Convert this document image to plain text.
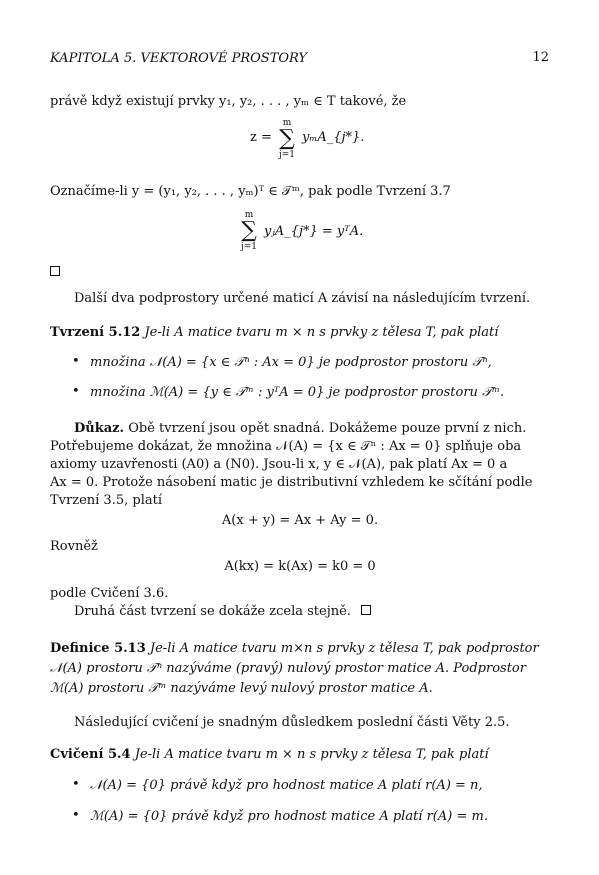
KAPITOLA 5. VEKTOROVÉ PROSTORY	12
právě když existují prvky y₁, y₂, . . . , yₘ ∈ T takové, že
z =
m
∑
j=1
yₘA_{j*}.
Označíme-li y = (y₁, y₂, . . . , yₘ)ᵀ ∈ 𝒯ᵐ, pak podle Tvrzení 3.7
m
∑
j=1
yⱼA_{j*} = yᵀA.
Další dva podprostory určené maticí A závisí na následujícím tvrzení.
Tvrzení 5.12 Je-li A matice tvaru m × n s prvky z tělesa T, pak platí
• množina 𝒩(A) = {x ∈ 𝒯ⁿ : Ax = 0} je podprostor prostoru 𝒯ⁿ,
• množina ℳ(A) = {y ∈ 𝒯ᵐ : yᵀA = 0} je podprostor prostoru 𝒯ᵐ.
Důkaz. Obě tvrzení jsou opět snadná. Dokážeme pouze první z nich.
Potřebujeme dokázat, že množina 𝒩(A) = {x ∈ 𝒯ⁿ : Ax = 0} splňuje oba
axiomy uzavřenosti (A0) a (N0). Jsou-li x, y ∈ 𝒩(A), pak platí Ax = 0 a
Ax = 0. Protože násobení matic je distributivní vzhledem ke sčítání podle
Tvrzení 3.5, platí
A(x + y) = Ax + Ay = 0.
Rovněž
A(kx) = k(Ax) = k0 = 0
podle Cvičení 3.6.
Druhá část tvrzení se dokáže zcela stejně.
Definice 5.13 Je-li A matice tvaru m×n s prvky z tělesa T, pak podprostor
𝒩(A) prostoru 𝒯ⁿ nazýváme (pravý) nulový prostor matice A. Podprostor
ℳ(A) prostoru 𝒯ᵐ nazýváme levý nulový prostor matice A.
Následující cvičení je snadným důsledkem poslední části Věty 2.5.
Cvičení 5.4 Je-li A matice tvaru m × n s prvky z tělesa T, pak platí
• 𝒩(A) = {0} právě když pro hodnost matice A platí r(A) = n,
• ℳ(A) = {0} právě když pro hodnost matice A platí r(A) = m.
